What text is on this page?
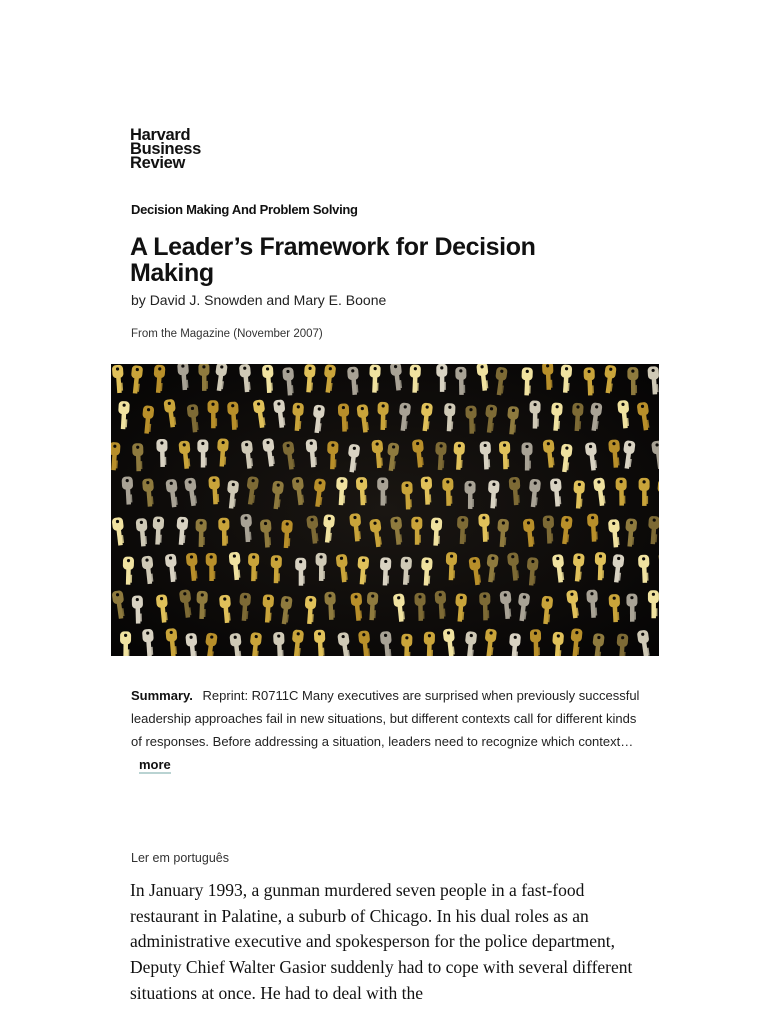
Harvard
Business
Review

Decision Making And Problem Solving

A Leader’s Framework for Decision Making

by David J. Snowden and Mary E. Boone

From the Magazine (November 2007)

Summary. Reprint: R0711C Many executives are surprised when previously successful leadership approaches fail in new situations, but different contexts call for different kinds of responses. Before addressing a situation, leaders need to recognize which context… more

Ler em português

In January 1993, a gunman murdered seven people in a fast-food restaurant in Palatine, a suburb of Chicago. In his dual roles as an administrative executive and spokesperson for the police department, Deputy Chief Walter Gasior suddenly had to cope with several different situations at once. He had to deal with the
